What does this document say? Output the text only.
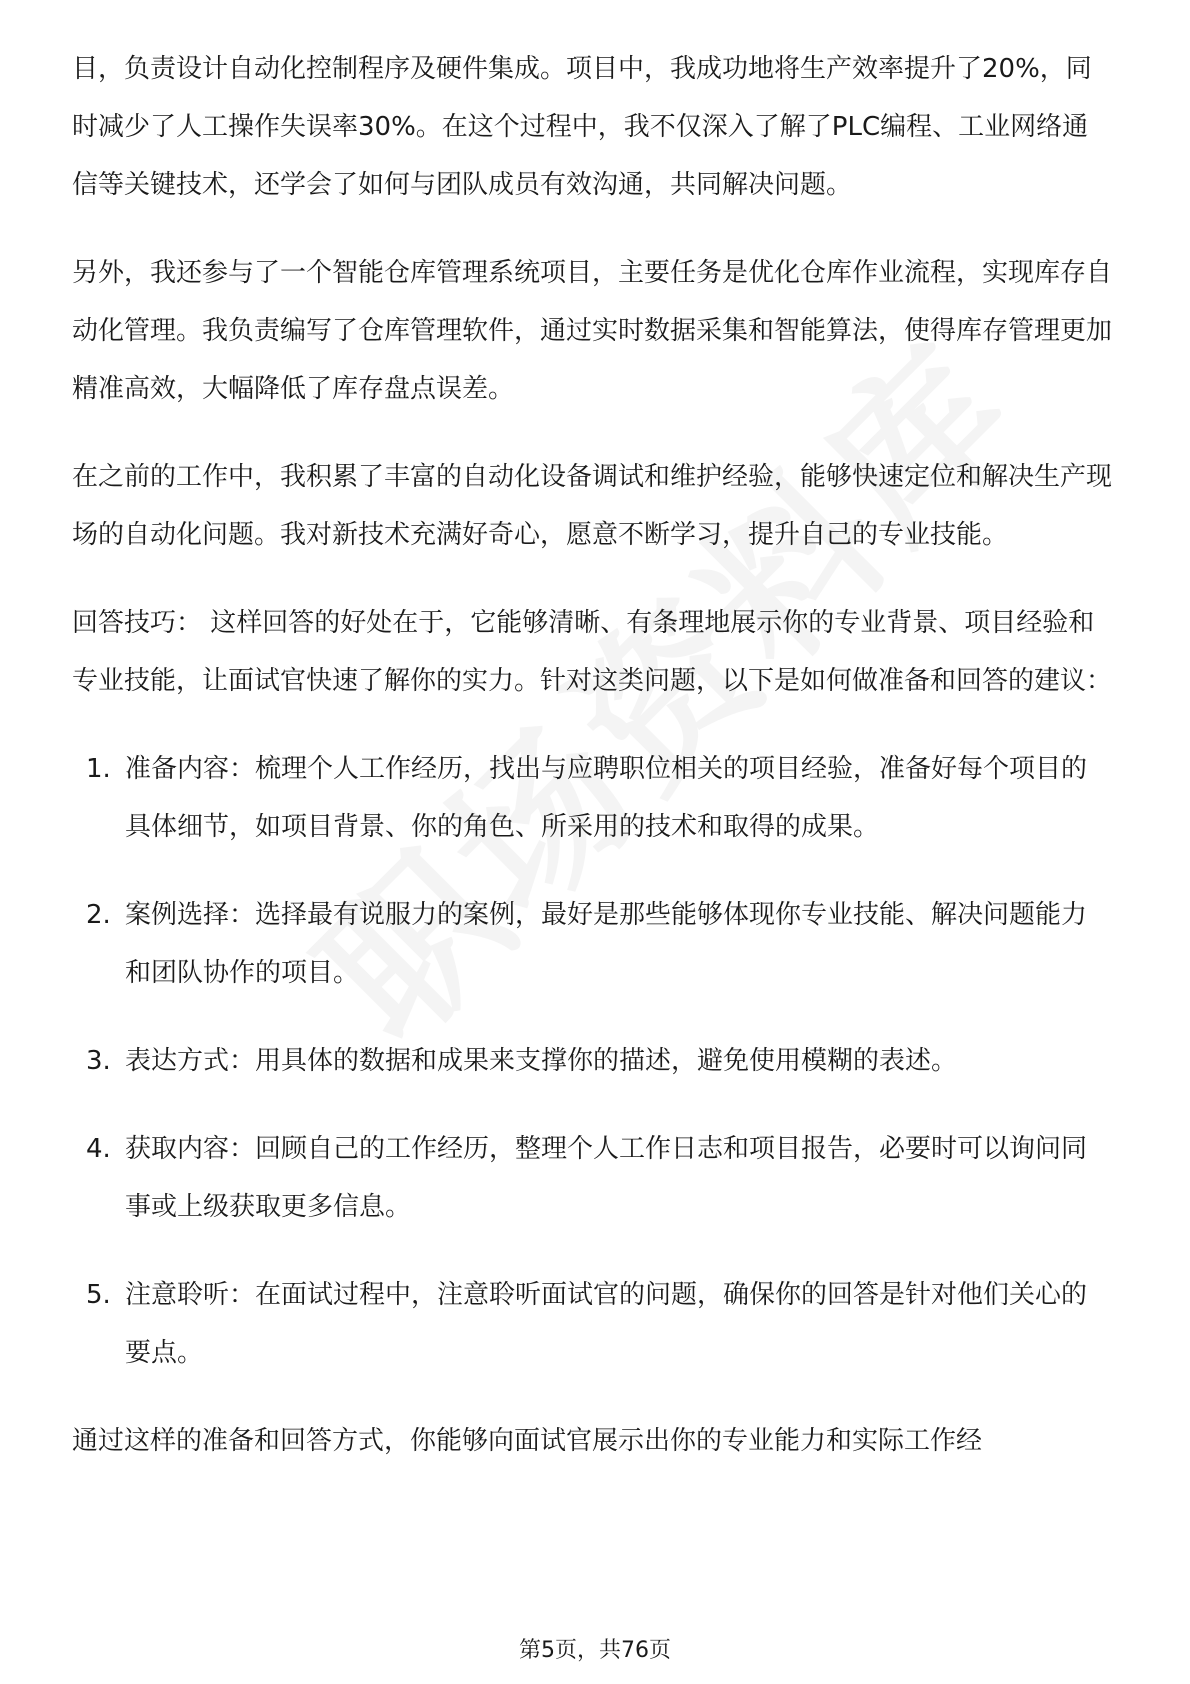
目，负责设计自动化控制程序及硬件集成。项目中，我成功地将生产效率提升了20%，同时减少了人工操作失误率30%。在这个过程中，我不仅深入了解了PLC编程、工业网络通信等关键技术，还学会了如何与团队成员有效沟通，共同解决问题。

另外，我还参与了一个智能仓库管理系统项目，主要任务是优化仓库作业流程，实现库存自动化管理。我负责编写了仓库管理软件，通过实时数据采集和智能算法，使得库存管理更加精准高效，大幅降低了库存盘点误差。

在之前的工作中，我积累了丰富的自动化设备调试和维护经验，能够快速定位和解决生产现场的自动化问题。我对新技术充满好奇心，愿意不断学习，提升自己的专业技能。

回答技巧： 这样回答的好处在于，它能够清晰、有条理地展示你的专业背景、项目经验和专业技能，让面试官快速了解你的实力。针对这类问题，以下是如何做准备和回答的建议：

1. 准备内容：梳理个人工作经历，找出与应聘职位相关的项目经验，准备好每个项目的具体细节，如项目背景、你的角色、所采用的技术和取得的成果。
2. 案例选择：选择最有说服力的案例，最好是那些能够体现你专业技能、解决问题能力和团队协作的项目。
3. 表达方式：用具体的数据和成果来支撑你的描述，避免使用模糊的表述。
4. 获取内容：回顾自己的工作经历，整理个人工作日志和项目报告，必要时可以询问同事或上级获取更多信息。
5. 注意聆听：在面试过程中，注意聆听面试官的问题，确保你的回答是针对他们关心的要点。

通过这样的准备和回答方式，你能够向面试官展示出你的专业能力和实际工作经

第5页，共76页
